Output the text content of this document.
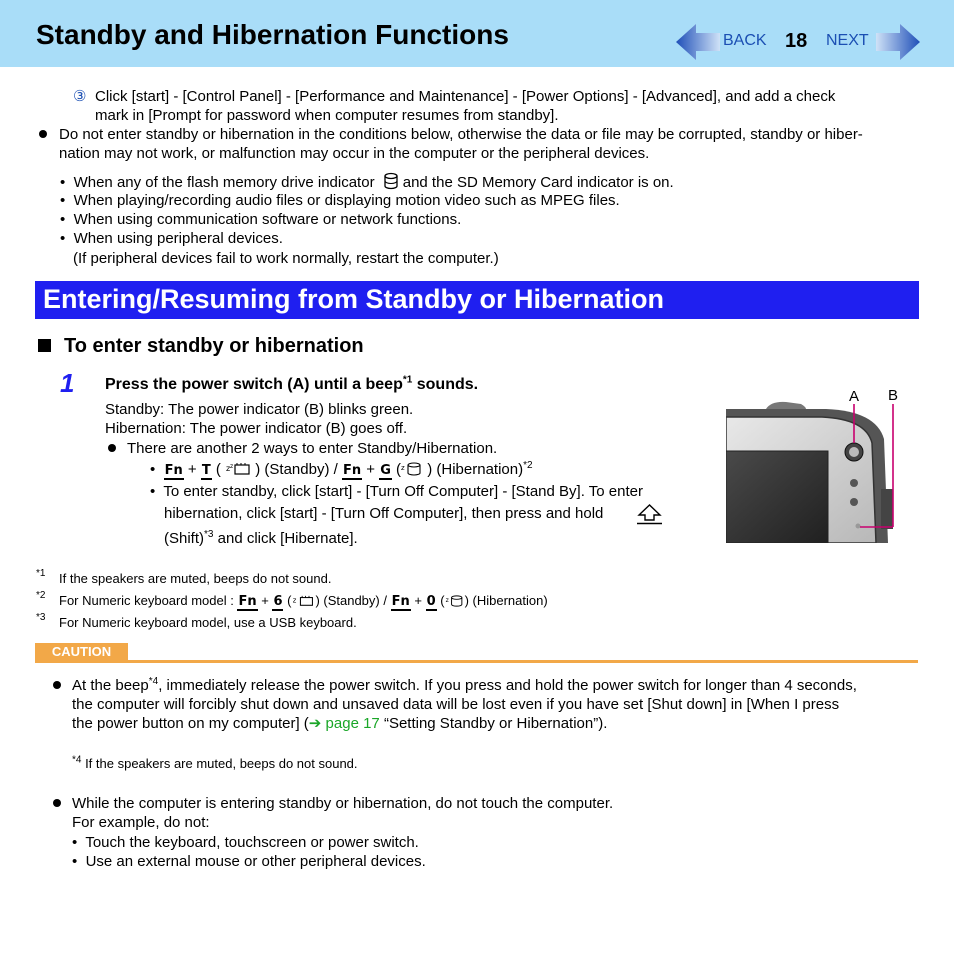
Standby and Hibernation Functions	BACK 18 NEXT
③ Click [start] - [Control Panel] - [Performance and Maintenance] - [Power Options] - [Advanced], and add a check
mark in [Prompt for password when computer resumes from standby].
Do not enter standby or hibernation in the conditions below, otherwise the data or file may be corrupted, standby or hiber-
nation may not work, or malfunction may occur in the computer or the peripheral devices.
•  When any of the flash memory drive indicator and the SD Memory Card indicator is on.
•  When playing/recording audio files or displaying motion video such as MPEG files.
•  When using communication software or network functions.
•  When using peripheral devices.
(If peripheral devices fail to work normally, restart the computer.)
Entering/Resuming from Standby or Hibernation
To enter standby or hibernation
1 Press the power switch (A) until a beep$^{*1}$ sounds.
Standby: The power indicator (B) blinks green.
Hibernation: The power indicator (B) goes off.
There are another 2 ways to enter Standby/Hibernation.
•  Fn + T ( z z ) (Standby) / Fn + G ( z ) (Hibernation)$^{*2}$
•  To enter standby, click [start] - [Turn Off Computer] - [Stand By]. To enter
hibernation, click [start] - [Turn Off Computer], then press and hold
(Shift)$^{*3}$ and click [Hibernate].
A B
*1 If the speakers are muted, beeps do not sound.
*2 For Numeric keyboard model : Fn + 6 ( z ) (Standby) / Fn + 0 ( z ) (Hibernation)
*3 For Numeric keyboard model, use a USB keyboard.
CAUTION
At the beep$^{*4}$, immediately release the power switch. If you press and hold the power switch for longer than 4 seconds,
the computer will forcibly shut down and unsaved data will be lost even if you have set [Shut down] in [When I press
the power button on my computer] (➔ page 17 “Setting Standby or Hibernation”).
$^{*4}$ If the speakers are muted, beeps do not sound.
While the computer is entering standby or hibernation, do not touch the computer.
For example, do not:
•  Touch the keyboard, touchscreen or power switch.
•  Use an external mouse or other peripheral devices.
